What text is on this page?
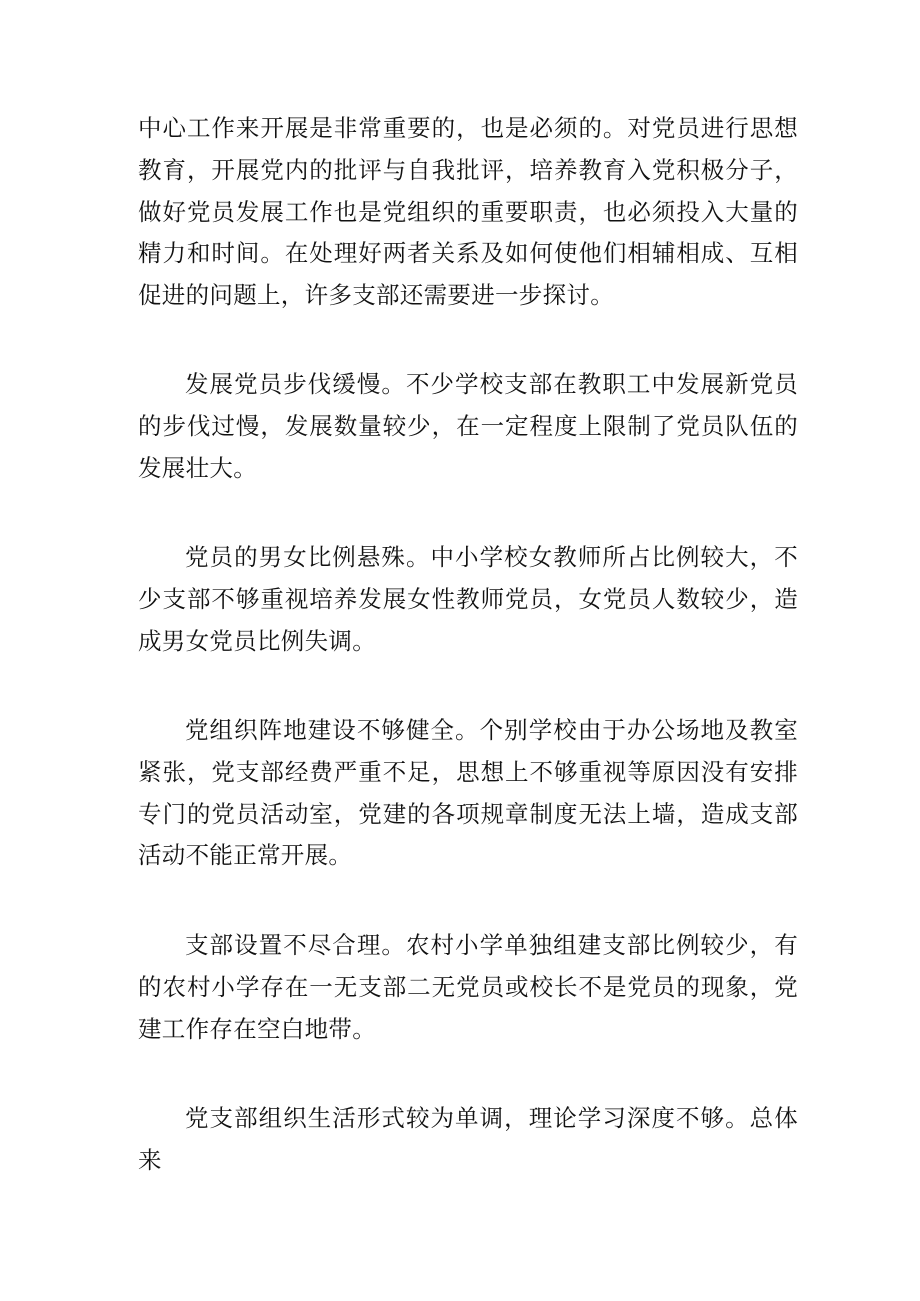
中心工作来开展是非常重要的，也是必须的。对党员进行思想教育，开展党内的批评与自我批评，培养教育入党积极分子，做好党员发展工作也是党组织的重要职责，也必须投入大量的精力和时间。在处理好两者关系及如何使他们相辅相成、互相促进的问题上，许多支部还需要进一步探讨。

发展党员步伐缓慢。不少学校支部在教职工中发展新党员的步伐过慢，发展数量较少，在一定程度上限制了党员队伍的发展壮大。

党员的男女比例悬殊。中小学校女教师所占比例较大，不少支部不够重视培养发展女性教师党员，女党员人数较少，造成男女党员比例失调。

党组织阵地建设不够健全。个别学校由于办公场地及教室紧张，党支部经费严重不足，思想上不够重视等原因没有安排专门的党员活动室，党建的各项规章制度无法上墙，造成支部活动不能正常开展。

支部设置不尽合理。农村小学单独组建支部比例较少，有的农村小学存在一无支部二无党员或校长不是党员的现象，党建工作存在空白地带。

党支部组织生活形式较为单调，理论学习深度不够。总体来
